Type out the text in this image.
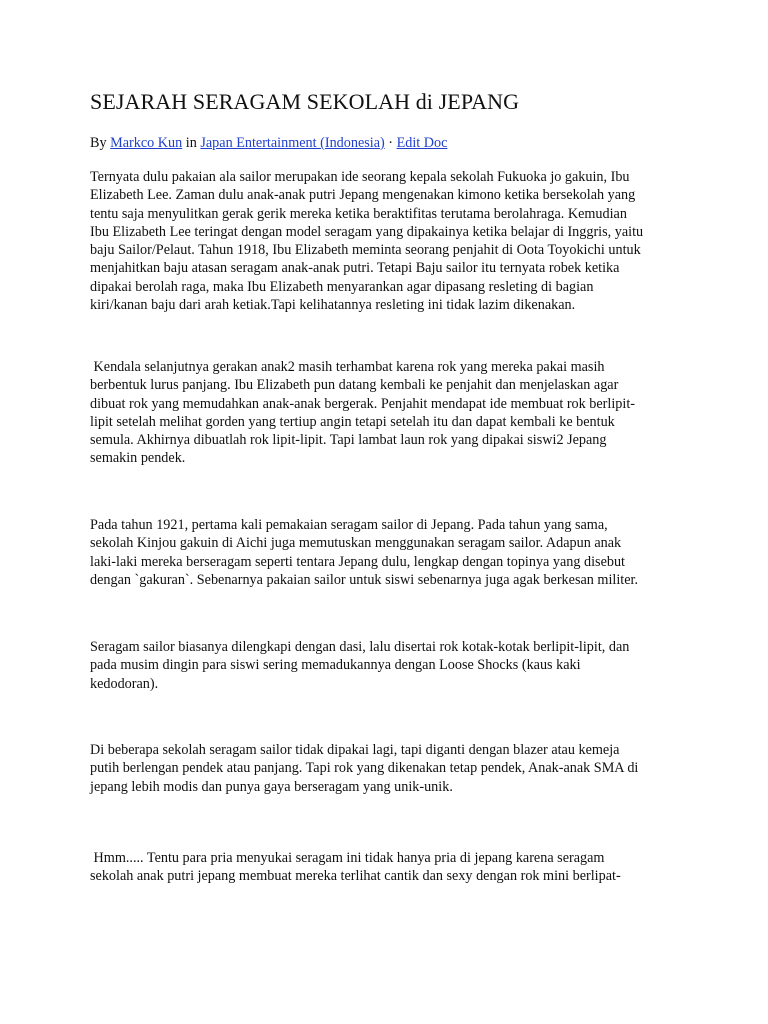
SEJARAH SERAGAM SEKOLAH di JEPANG
By Markco Kun in Japan Entertainment (Indonesia) · Edit Doc
Ternyata dulu pakaian ala sailor merupakan ide seorang kepala sekolah Fukuoka jo gakuin, Ibu
Elizabeth Lee. Zaman dulu anak-anak putri Jepang mengenakan kimono ketika bersekolah yang
tentu saja menyulitkan gerak gerik mereka ketika beraktifitas terutama berolahraga. Kemudian
Ibu Elizabeth Lee teringat dengan model seragam yang dipakainya ketika belajar di Inggris, yaitu
baju Sailor/Pelaut. Tahun 1918, Ibu Elizabeth meminta seorang penjahit di Oota Toyokichi untuk
menjahitkan baju atasan seragam anak-anak putri. Tetapi Baju sailor itu ternyata robek ketika
dipakai berolah raga, maka Ibu Elizabeth menyarankan agar dipasang resleting di bagian
kiri/kanan baju dari arah ketiak.Tapi kelihatannya resleting ini tidak lazim dikenakan.
Kendala selanjutnya gerakan anak2 masih terhambat karena rok yang mereka pakai masih
berbentuk lurus panjang. Ibu Elizabeth pun datang kembali ke penjahit dan menjelaskan agar
dibuat rok yang memudahkan anak-anak bergerak. Penjahit mendapat ide membuat rok berlipit-
lipit setelah melihat gorden yang tertiup angin tetapi setelah itu dan dapat kembali ke bentuk
semula. Akhirnya dibuatlah rok lipit-lipit. Tapi lambat laun rok yang dipakai siswi2 Jepang
semakin pendek.
Pada tahun 1921, pertama kali pemakaian seragam sailor di Jepang. Pada tahun yang sama,
sekolah Kinjou gakuin di Aichi juga memutuskan menggunakan seragam sailor. Adapun anak
laki-laki mereka berseragam seperti tentara Jepang dulu, lengkap dengan topinya yang disebut
dengan `gakuran`. Sebenarnya pakaian sailor untuk siswi sebenarnya juga agak berkesan militer.
Seragam sailor biasanya dilengkapi dengan dasi, lalu disertai rok kotak-kotak berlipit-lipit, dan
pada musim dingin para siswi sering memadukannya dengan Loose Shocks (kaus kaki
kedodoran).
Di beberapa sekolah seragam sailor tidak dipakai lagi, tapi diganti dengan blazer atau kemeja
putih berlengan pendek atau panjang. Tapi rok yang dikenakan tetap pendek, Anak-anak SMA di
jepang lebih modis dan punya gaya berseragam yang unik-unik.
Hmm..... Tentu para pria menyukai seragam ini tidak hanya pria di jepang karena seragam
sekolah anak putri jepang membuat mereka terlihat cantik dan sexy dengan rok mini berlipat-
